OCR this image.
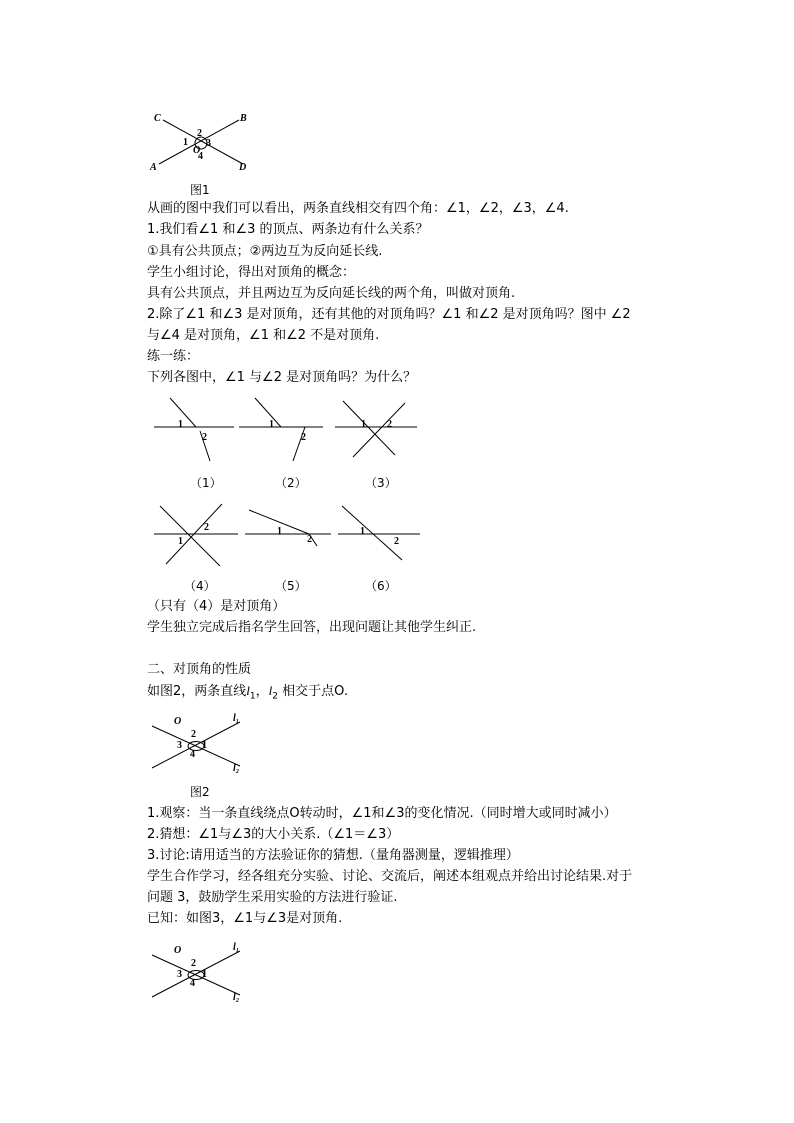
C	B
A	D
2
1
O
3
4
图1
从画的图中我们可以看出，两条直线相交有四个角：∠1，∠2，∠3，∠4.
1.我们看∠1 和∠3 的顶点、两条边有什么关系？
①具有公共顶点；②两边互为反向延长线.
学生小组讨论，得出对顶角的概念：
具有公共顶点，并且两边互为反向延长线的两个角，叫做对顶角.
2.除了∠1 和∠3 是对顶角，还有其他的对顶角吗？∠1 和∠2 是对顶角吗？图中 ∠2
与∠4 是对顶角，∠1 和∠2 不是对顶角.
练一练：
下列各图中，∠1 与∠2 是对顶角吗？为什么？
1
2
1
2
1 2
（1）	（2）	（3）
1
2	1
2
1
2
（4）	（5）	（6）
（只有（4）是对顶角）
学生独立完成后指名学生回答，出现问题让其他学生纠正.
二、对顶角的性质
如图2，两条直线$l_1$，$l_2$ 相交于点O.
O	l₁
l₂
2
3 1
4
图2
1.观察：当一条直线绕点O转动时，∠1和∠3的变化情况.（同时增大或同时减小）
2.猜想：∠1与∠3的大小关系.（∠1＝∠3）
3.讨论:请用适当的方法验证你的猜想.（量角器测量，逻辑推理）
学生合作学习，经各组充分实验、讨论、交流后，阐述本组观点并给出讨论结果.对于
问题 3，鼓励学生采用实验的方法进行验证.
已知：如图3，∠1与∠3是对顶角.
O	l₁
l₂
2
3 1
4
